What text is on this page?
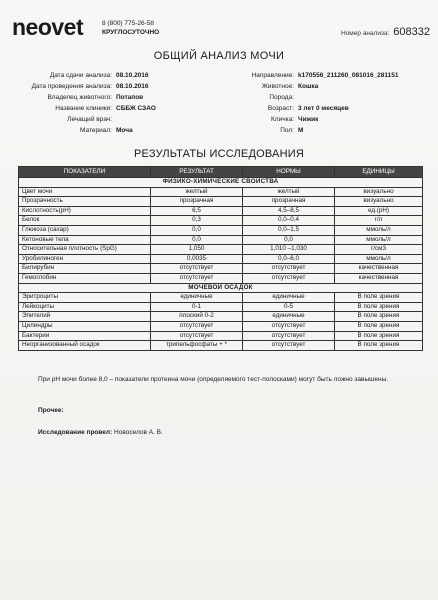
neovet	8 (800) 775-26-58
КРУГЛОСУТОЧНО	Номер анализа: 608332
ОБЩИЙ АНАЛИЗ МОЧИ
Дата сдачи анализа: 08.10.2016
Дата проведения анализа: 08.10.2016
Владелец животного: Потапов
Название клиники: СББЖ СЗАО
Лечащий врач:
Материал: Моча
Направление: k170556_211260_081016_281151
Животное: Кошка
Порода:
Возраст: 3 лет 0 месяцев
Кличка: Чижик
Пол: М
РЕЗУЛЬТАТЫ ИССЛЕДОВАНИЯ
ПОКАЗАТЕЛИ	РЕЗУЛЬТАТ	НОРМЫ	ЕДИНИЦЫ
ФИЗИКО-ХИМИЧЕСКИЕ СВОЙСТВА			
Цвет мочи	желтый	желтый	визуально
Прозрачность	прозрачная	прозрачная	визуально
Кислотность(pH)	6,5	4,5–8,5	ед.(pH)
Белок	0,3	0,0–0,4	г/л
Глюкоза (сахар)	0,0	0,0–1,5	ммоль/л
Кетоновые тела	0,0	0,0	ммоль/л
Относительная плотность (SpG)	1,050	1,010 –1,030	г/см3
Уробилиноген	0,0035	0,0–6,0	ммоль/л
Билирубин	отсутствует	отсутствует	качественная
Гемоглобин	отсутствует	отсутствует	качественная
МОЧЕВОЙ ОСАДОК			
Эритроциты	единичные	единичные	В поле зрения
Лейкоциты	0-1	0-5	В поле зрения
Эпителий	плоский 0-2	единичные	В поле зрения
Цилиндры	отсутствует	отсутствует	В поле зрения
Бактерии	отсутствует	отсутствует	В поле зрения
Неорганизованный осадок	трипельфосфаты + *	отсутствует	В поле зрения
При pH мочи более 8,0 – показатели протеина мочи (определяемого тест-полосками) могут быть ложно завышены.
Прочее:
Исследование провел: Новоселов А. В.
